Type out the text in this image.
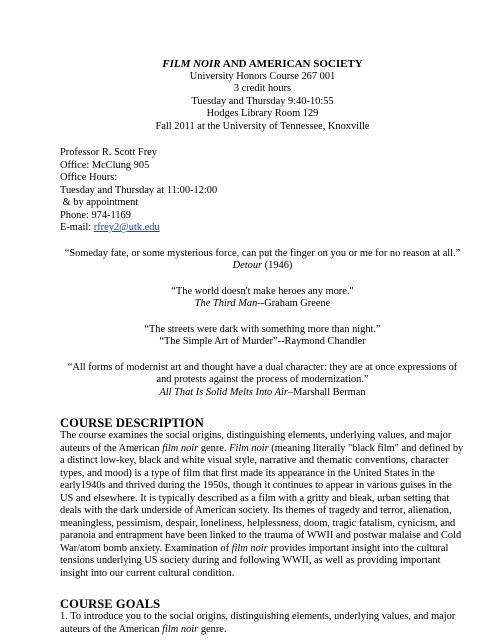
FILM NOIR AND AMERICAN SOCIETY
University Honors Course 267 001
3 credit hours
Tuesday and Thursday 9:40-10:55
Hodges Library Room 129
Fall 2011 at the University of Tennessee, Knoxville
Professor R. Scott Frey
Office: McClung 905
Office Hours:
Tuesday and Thursday at 11:00-12:00
& by appointment
Phone: 974-1169
E-mail: rfrey2@utk.edu
“Someday fate, or some mysterious force, can put the finger on you or me for no reason at all.”
Detour (1946)
“The world doesn't make heroes any more."
The Third Man--Graham Greene
“The streets were dark with something more than night.”
“The Simple Art of Murder”--Raymond Chandler
“All forms of modernist art and thought have a dual character: they are at once expressions of
and protests against the process of modernization.”
All That Is Solid Melts Into Air–Marshall Berman
COURSE DESCRIPTION
The course examines the social origins, distinguishing elements, underlying values, and major
auteurs of the American film noir genre. Film noir (meaning literally "black film" and defined by
a distinct low-key, black and white visual style, narrative and thematic conventions, character
types, and mood) is a type of film that first made its appearance in the United States in the
early1940s and thrived during the 1950s, though it continues to appear in various guises in the
US and elsewhere. It is typically described as a film with a gritty and bleak, urban setting that
deals with the dark underside of American society. Its themes of tragedy and terror, alienation,
meaningless, pessimism, despair, loneliness, helplessness, doom, tragic fatalism, cynicism, and
paranoia and entrapment have been linked to the trauma of WWII and postwar malaise and Cold
War/atom bomb anxiety. Examination of film noir provides important insight into the cultural
tensions underlying US society during and following WWII, as well as providing important
insight into our current cultural condition.
COURSE GOALS
1. To introduce you to the social origins, distinguishing elements, underlying values, and major
auteurs of the American film noir genre.
